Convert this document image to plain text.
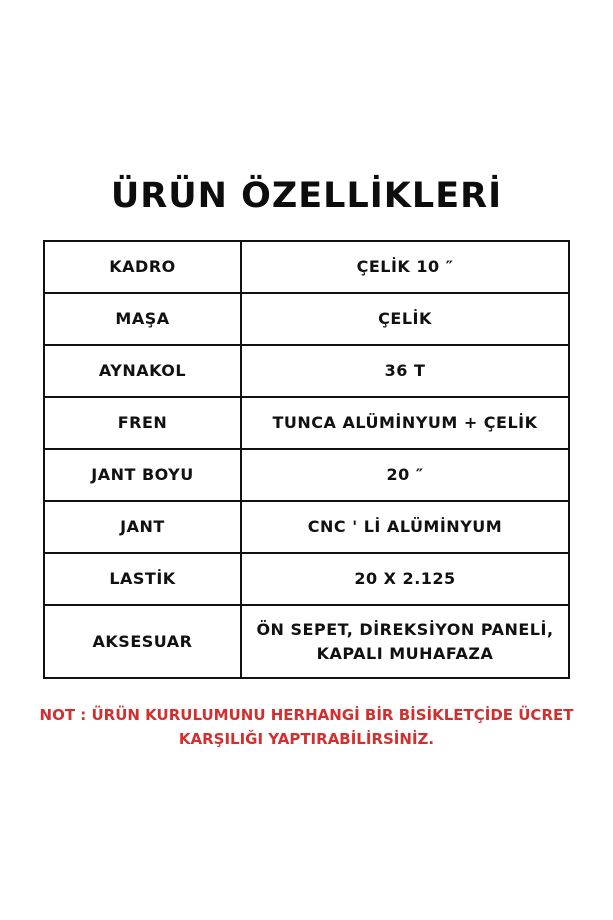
ÜRÜN ÖZELLİKLERİ
KADRO	ÇELİK 10 ″
MAŞA	ÇELİK
AYNAKOL	36 T
FREN	TUNCA ALÜMİNYUM + ÇELİK
JANT BOYU	20 ″
JANT	CNC ' Lİ ALÜMİNYUM
LASTİK	20 X 2.125
AKSESUAR	ÖN SEPET, DİREKSİYON PANELİ,
KAPALI MUHAFAZA
NOT : ÜRÜN KURULUMUNU HERHANGİ BİR BİSİKLETÇİDE ÜCRET
KARŞILIĞI YAPTIRABİLİRSİNİZ.
